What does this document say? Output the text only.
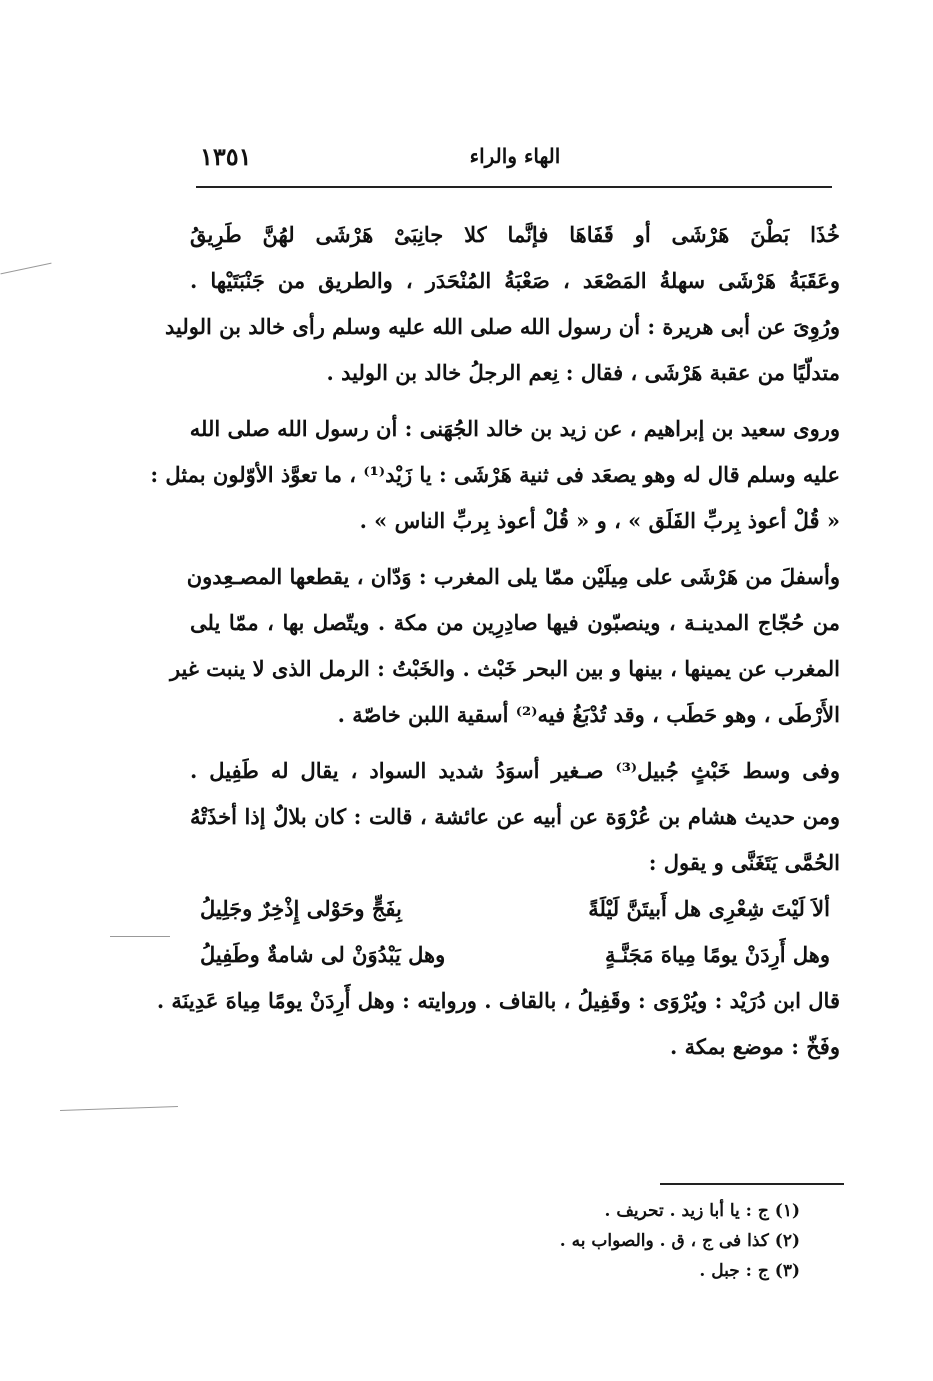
١٣٥١	الهاء والراء
خُذَا بَطْنَ هَرْشَى أو قَفَاهَا فإنَّما كلا جانِبَىْ هَرْشَى لهُنَّ طَرِيقُ
وعَقَبَةُ هَرْشَى سهلةُ المَصْعَد ، صَعْبَةُ المُنْحَدَر ، والطريق من جَنْبَتَيْها .
ورُوِىَ عن أبى هريرة : أن رسول الله صلى الله عليه وسلم رأى خالد بن الوليد
متدلّيًا من عقبة هَرْشَى ، فقال : نِعم الرجلُ خالد بن الوليد .
وروى سعيد بن إبراهيم ، عن زيد بن خالد الجُهَنى : أن رسول الله صلى الله
عليه وسلم قال له وهو يصعَد فى ثنية هَرْشَى : يا زَيْد⁽¹⁾ ، ما تعوَّذ الأوّلون بمثل :
« قُلْ أعوذ بِربِّ الفَلَق » ، و « قُلْ أعوذ بِربِّ الناس » .
وأسفلَ من هَرْشَى على مِيلَيْن ممّا يلى المغرب : وَدّان ، يقطعها المصـعِدون
من حُجّاج المدينـة ، وينصبّون فيها صادِرِين من مكة . ويتّصل بها ، ممّا يلى
المغرب عن يمينها ، بينها و بين البحر خَبْث . والخَبْتُ : الرمل الذى لا ينبت غير
الأَرْطَى ، وهو حَطَب ، وقد تُدْبَغُ فيه⁽²⁾ أسقية اللبن خاصّة .
وفى وسط خَبْثٍ جُبيل⁽³⁾ صـغير أسوَدُ شديد السواد ، يقال له طَفِيل .
ومن حديث هشام بن عُرْوَة عن أبيه عن عائشة ، قالت : كان بلالٌ إذا أخذَتْهُ
الحُمَّى يَتَغَنَّى و يقول :
ألاَ لَيْتَ شِعْرِى هل أَبيتَنَّ لَيْلَةً
بِفَجٍّ وحَوْلى إِذْخِرٌ وجَلِيلُ
وهل أَرِدَنْ يومًا مِياهَ مَجَنَّـةٍ
وهل يَبْدُوَنْ لى شامةٌ وطَفِيلُ
قال ابن دُرَيْد : ويُرْوَى : وقَفِيلُ ، بالقاف . وروايته : وهل أَرِدَنْ يومًا مِياهَ عَدِينَة .
وفَخّ : موضع بمكة .
(١) ج : يا أبا زيد . تحريف .
(٢) كذا فى ج ، ق . والصواب به .
(٣) ج : جبل .
